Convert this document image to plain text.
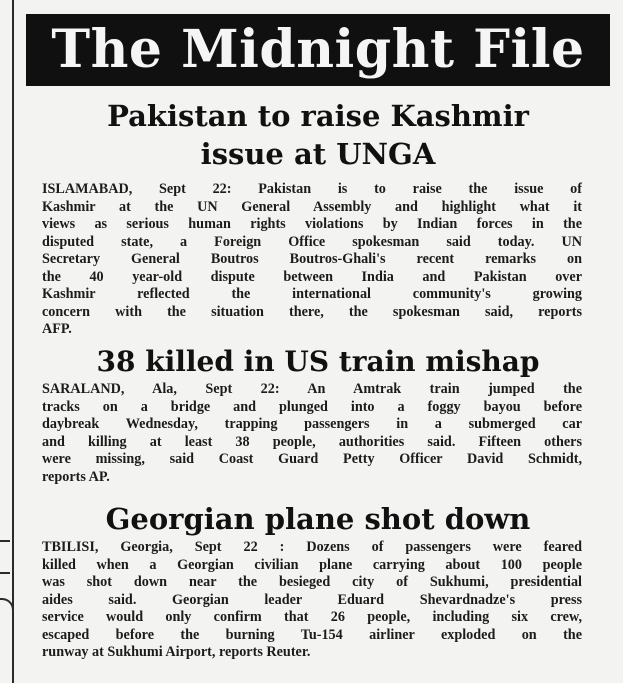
The Midnight File
Pakistan to raise Kashmir
issue at UNGA
ISLAMABAD, Sept 22: Pakistan is to raise the issue of
Kashmir at the UN General Assembly and highlight what it
views as serious human rights violations by Indian forces in the
disputed state, a Foreign Office spokesman said today. UN
Secretary General Boutros Boutros-Ghali's recent remarks on
the 40 year-old dispute between India and Pakistan over
Kashmir reflected the international community's growing
concern with the situation there, the spokesman said, reports
AFP.
38 killed in US train mishap
SARALAND, Ala, Sept 22: An Amtrak train jumped the
tracks on a bridge and plunged into a foggy bayou before
daybreak Wednesday, trapping passengers in a submerged car
and killing at least 38 people, authorities said. Fifteen others
were missing, said Coast Guard Petty Officer David Schmidt,
reports AP.
Georgian plane shot down
TBILISI, Georgia, Sept 22 : Dozens of passengers were feared
killed when a Georgian civilian plane carrying about 100 people
was shot down near the besieged city of Sukhumi, presidential
aides said. Georgian leader Eduard Shevardnadze's press
service would only confirm that 26 people, including six crew,
escaped before the burning Tu-154 airliner exploded on the
runway at Sukhumi Airport, reports Reuter.
